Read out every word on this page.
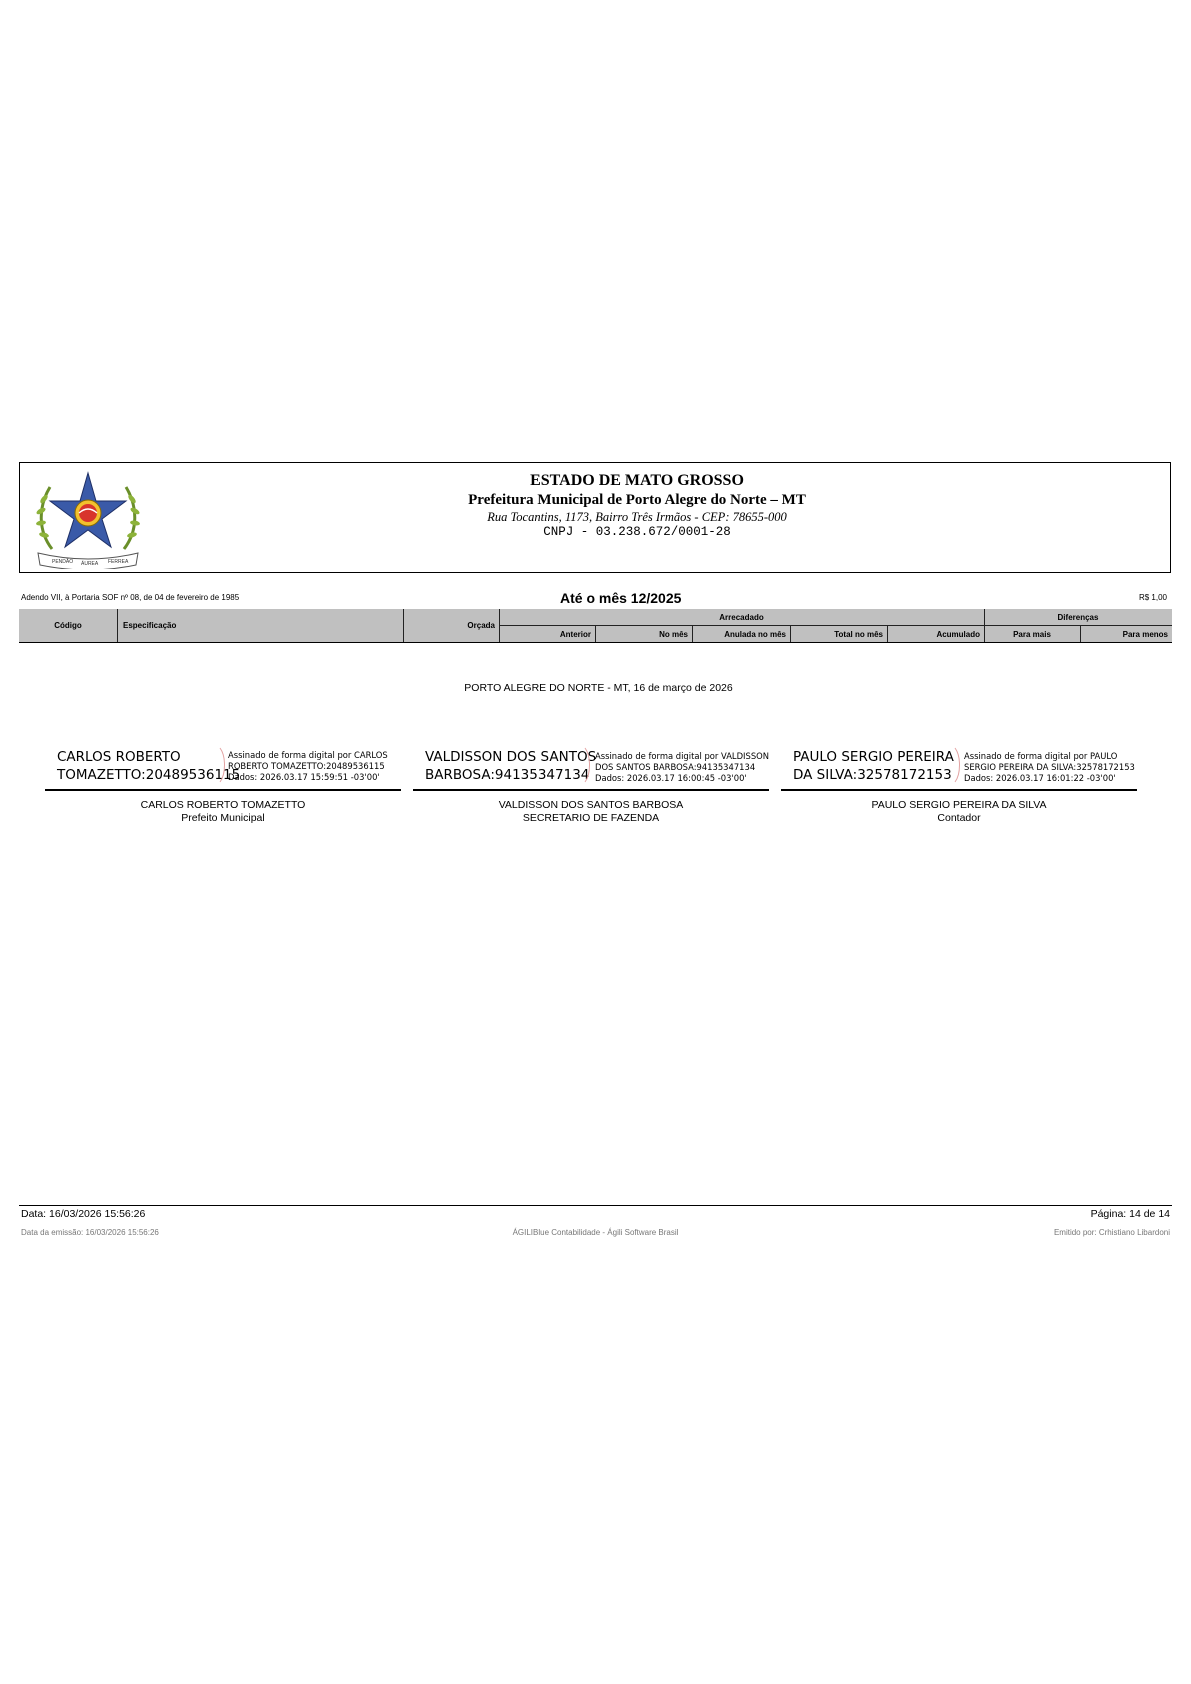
PENDÃO ÁUREA FERREA
ESTADO DE MATO GROSSO
Prefeitura Municipal de Porto Alegre do Norte – MT
Rua Tocantins, 1173, Bairro Três Irmãos - CEP: 78655-000
CNPJ - 03.238.672/0001-28
Adendo VII, à Portaria SOF nº 08, de 04 de fevereiro de 1985	Até o mês 12/2025	R$ 1,00
Código	Especificação	Orçada
Arrecadado	Diferenças
Anterior	No mês	Anulada no mês	Total no mês	Acumulado	Para mais	Para menos
PORTO ALEGRE DO NORTE - MT, 16 de março de 2026
CARLOS ROBERTO
TOMAZETTO:20489536115
Assinado de forma digital por CARLOS
ROBERTO TOMAZETTO:20489536115
Dados: 2026.03.17 15:59:51 -03'00'
CARLOS ROBERTO TOMAZETTO
Prefeito Municipal
VALDISSON DOS SANTOS
BARBOSA:94135347134
Assinado de forma digital por VALDISSON
DOS SANTOS BARBOSA:94135347134
Dados: 2026.03.17 16:00:45 -03'00'
VALDISSON DOS SANTOS BARBOSA
SECRETARIO DE FAZENDA
PAULO SERGIO PEREIRA
DA SILVA:32578172153
Assinado de forma digital por PAULO
SERGIO PEREIRA DA SILVA:32578172153
Dados: 2026.03.17 16:01:22 -03'00'
PAULO SERGIO PEREIRA DA SILVA
Contador
Data: 16/03/2026 15:56:26	Página: 14 de 14
Data da emissão: 16/03/2026 15:56:26	ÁGILIBlue Contabilidade - Ágili Software Brasil	Emitido por: Crhistiano Libardoni
